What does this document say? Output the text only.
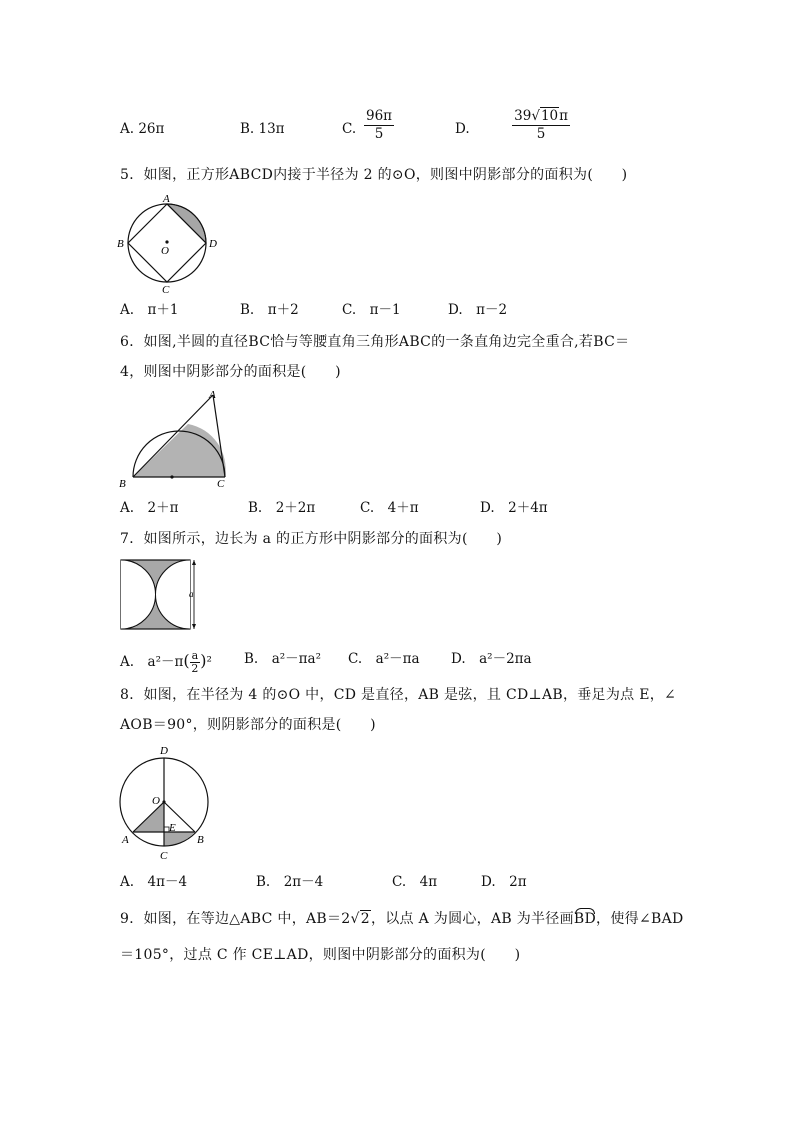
A. 26π	B. 13π	C. $\frac{96\pi}{5}$
	D.	$\frac{39√10\pi}{5}$
5．如图，正方形ABCD内接于半径为 2 的⊙O，则图中阴影部分的面积为(　　)
A
B
C
D
O
A.　π＋1	B.　π＋2	C.　π－1	D.　π－2
6．如图,半圆的直径BC恰与等腰直角三角形ABC的一条直角边完全重合,若BC＝
4，则图中阴影部分的面积是(　　)
A
B	C
A.　2＋π	B.　2＋2π	C.　4＋π	D.　2＋4π
7．如图所示，边长为 a 的正方形中阴影部分的面积为(　　)
a
A.　$a^2-\pi( \frac{a}{2} )^2$ B.　a²－πa² C.　a²－πa D.　a²－2πa
8．如图，在半径为 4 的⊙O 中，CD 是直径，AB 是弦，且 CD⊥AB，垂足为点 E，∠
AOB＝90°，则阴影部分的面积是(　　)
D
O
E
A	B
C
A.　4π－4	B.　2π－4	C.　4π	D.　2π
9．如图，在等边△ABC 中，AB＝2√2，以点 A 为圆心，AB 为半径画BD，使得∠BAD
＝105°，过点 C 作 CE⊥AD，则图中阴影部分的面积为(　　)
